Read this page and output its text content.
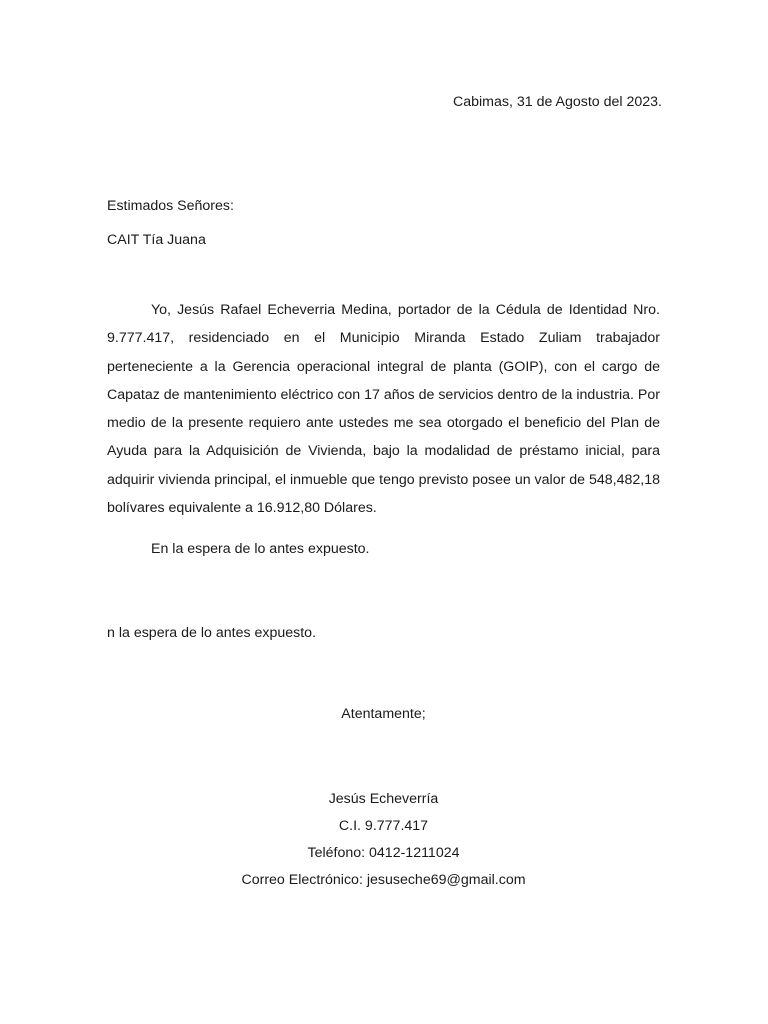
Cabimas, 31 de Agosto del 2023.
Estimados Señores:
CAIT Tía Juana

Yo, Jesús Rafael Echeverria Medina, portador de la Cédula de Identidad Nro. 9.777.417, residenciado en el Municipio Miranda Estado Zuliam trabajador perteneciente a la Gerencia operacional integral de planta (GOIP), con el cargo de Capataz de mantenimiento eléctrico con 17 años de servicios dentro de la industria. Por medio de la presente requiero ante ustedes me sea otorgado el beneficio del Plan de Ayuda para la Adquisición de Vivienda, bajo la modalidad de préstamo inicial, para adquirir vivienda principal, el inmueble que tengo previsto posee un valor de 548,482,18 bolívares equivalente a 16.912,80 Dólares.

En la espera de lo antes expuesto.

n la espera de lo antes expuesto.
Atentamente;
Jesús Echeverría
C.I. 9.777.417
Teléfono: 0412-1211024
Correo Electrónico: jesuseche69@gmail.com
